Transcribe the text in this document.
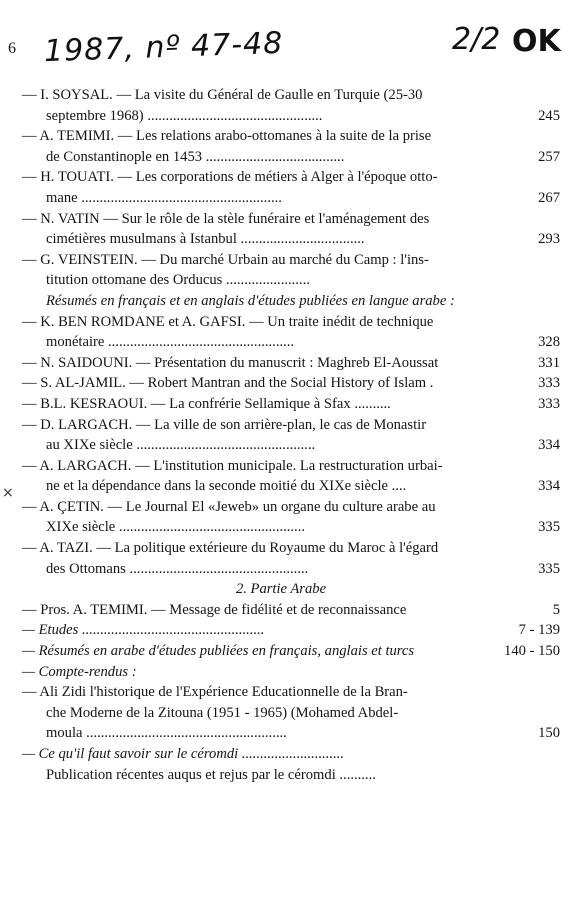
6 1987, nº 47-48	2/2 OK
×
— I. SOYSAL. — La visite du Général de Gaulle en Turquie (25-30
septembre 1968) ................................................	245
— A. TEMIMI. — Les relations arabo-ottomanes à la suite de la prise
de Constantinople en 1453 ......................................	257
— H. TOUATI. — Les corporations de métiers à Alger à l'époque otto-
mane .......................................................	267
— N. VATIN — Sur le rôle de la stèle funéraire et l'aménagement des
cimétières musulmans à Istanbul ..................................	293
— G. VEINSTEIN. — Du marché Urbain au marché du Camp : l'ins-
titution ottomane des Orducus .......................
Résumés en français et en anglais d'études publiées en langue arabe :
— K. BEN ROMDANE et A. GAFSI. — Un traite inédit de technique
monétaire ...................................................	328
— N. SAIDOUNI. — Présentation du manuscrit : Maghreb El-Aoussat	331
— S. AL-JAMIL. — Robert Mantran and the Social History of Islam .	333
— B.L. KESRAOUI. — La confrérie Sellamique à Sfax ..........	333
— D. LARGACH. — La ville de son arrière-plan, le cas de Monastir
au XIXe siècle .................................................	334
— A. LARGACH. — L'institution municipale. La restructuration urbai-
ne et la dépendance dans la seconde moitié du XIXe siècle ....	334
— A. ÇETIN. — Le Journal El «Jeweb» un organe du culture arabe au
XIXe siècle ...................................................	335
— A. TAZI. — La politique extérieure du Royaume du Maroc à l'égard
des Ottomans .................................................	335
2. Partie Arabe
— Pros. A. TEMIMI. — Message de fidélité et de reconnaissance	5
— Etudes ..................................................	7 - 139
— Résumés en arabe d'études publiées en français, anglais et turcs	140 - 150
— Compte-rendus :
— Ali Zidi l'historique de l'Expérience Educationnelle de la Bran-
che Moderne de la Zitouna (1951 - 1965) (Mohamed Abdel-
moula .......................................................	150
— Ce qu'il faut savoir sur le céromdi ............................
Publication récentes auqus et rejus par le céromdi ..........
